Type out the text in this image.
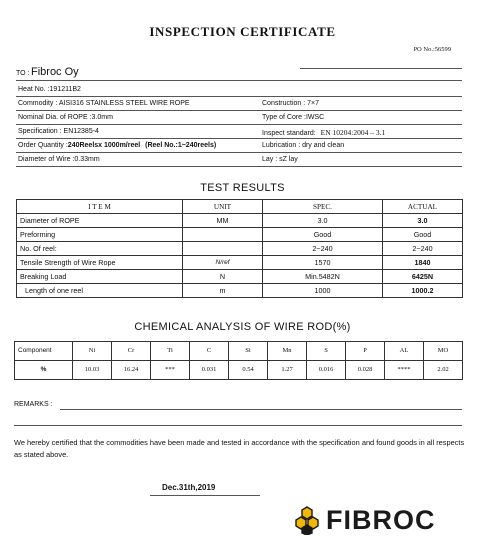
INSPECTION CERTIFICATE
PO No.:56599
TO : Fibroc Oy
Heat No. :191211B2
Commodity : AISI316 STAINLESS STEEL WIRE ROPE	Construction : 7×7
Nominal Dia. of ROPE :3.0mm	Type of Core :IWSC
Specification : EN12385-4	Inspect standard: EN 10204:2004 – 3.1
Order Quantity :240Reelsx 1000m/reel (Reel No.:1~240reels)	Lubrication : dry and clean
Diameter of Wire :0.33mm	Lay : sZ lay
TEST RESULTS
I T E M	UNIT	SPEC.	ACTUAL
Diameter of ROPE	MM	3.0	3.0
Preforming		Good	Good
No. Of reel:		2~240	2~240
Tensile Strength of Wire Rope	N/ref	1570	1840
Breaking Load	N	Min.5482N	6425N
Length of one reel	m	1000	1000.2
CHEMICAL ANALYSIS OF WIRE ROD(%)
Component	Ni	Cr	Ti	C	Si	Mn	S	P	AL	MO
%	10.03	16.24	***	0.031	0.54	1.27	0.016	0.028	****	2.02
REMARKS :
We hereby certified that the commodities have been made and tested in accordance with the specification and found goods in all respects as stated above.
Dec.31th,2019
FIBROC
